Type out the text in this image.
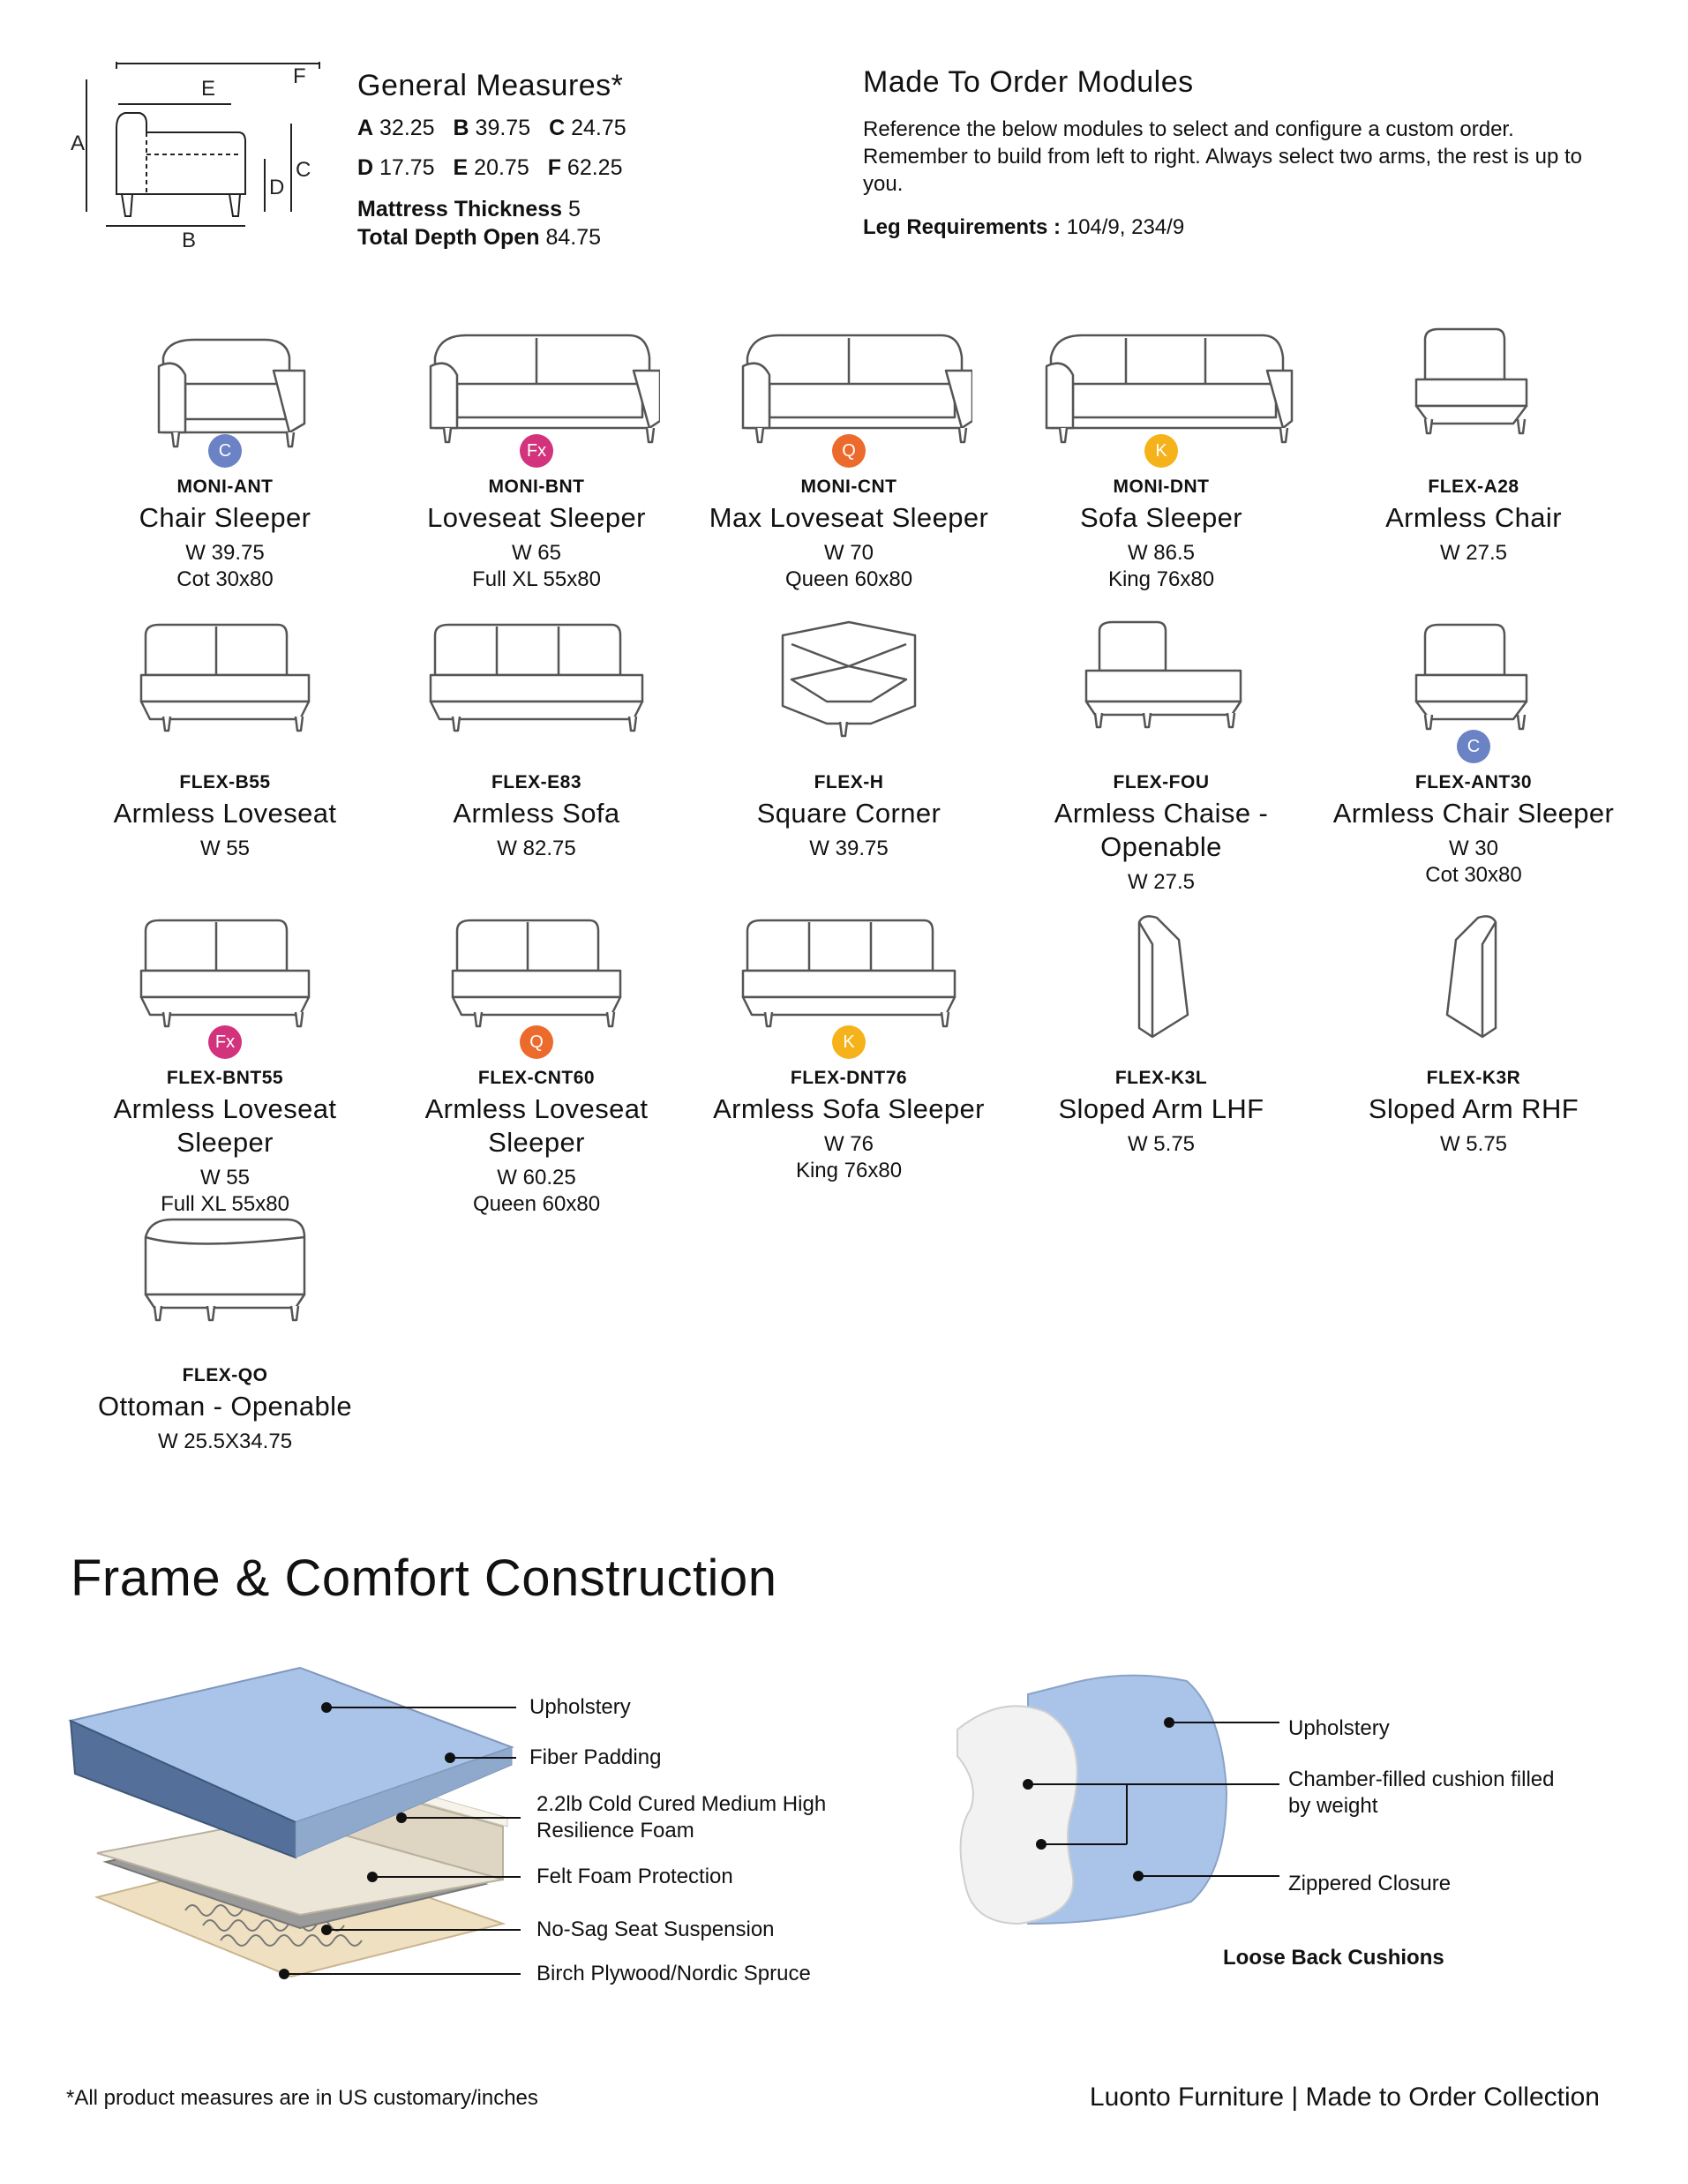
A
B
C
D
E
F General Measures*
A 32.25 B 39.75 C 24.75
D 17.75 E 20.75 F 62.25

Mattress Thickness 5

Total Depth Open 84.75

Made To Order Modules

Reference the below modules to select and configure a custom order. Remember to build from left to right. Always select two arms, the rest is up to you.

Leg Requirements : 104/9, 234/9
C
MONI-ANT
Chair Sleeper
W 39.75
Cot 30x80
Fx
MONI-BNT
Loveseat Sleeper
W 65
Full XL 55x80
Q
MONI-CNT
Max Loveseat Sleeper
W 70
Queen 60x80
K
MONI-DNT
Sofa Sleeper
W 86.5
King 76x80
FLEX-A28
Armless Chair
W 27.5
FLEX-B55
Armless Loveseat
W 55
FLEX-E83
Armless Sofa
W 82.75
FLEX-H
Square Corner
W 39.75
FLEX-FOU
Armless Chaise - Openable
W 27.5
C
FLEX-ANT30
Armless Chair Sleeper
W 30
Cot 30x80
Fx
FLEX-BNT55
Armless Loveseat Sleeper
W 55
Full XL 55x80
Q
FLEX-CNT60
Armless Loveseat Sleeper
W 60.25
Queen 60x80
K
FLEX-DNT76
Armless Sofa Sleeper
W 76
King 76x80
FLEX-K3L
Sloped Arm LHF
W 5.75
FLEX-K3R
Sloped Arm RHF
W 5.75
FLEX-QO
Ottoman - Openable
W 25.5X34.75
Frame & Comfort Construction
Upholstery
Fiber Padding
2.2lb Cold Cured Medium High Resilience Foam
Felt Foam Protection
No-Sag Seat Suspension
Birch Plywood/Nordic Spruce
Upholstery
Chamber-filled cushion filled by weight
Zippered Closure
Loose Back Cushions
*All product measures are in US customary/inches	Luonto Furniture | Made to Order Collection
